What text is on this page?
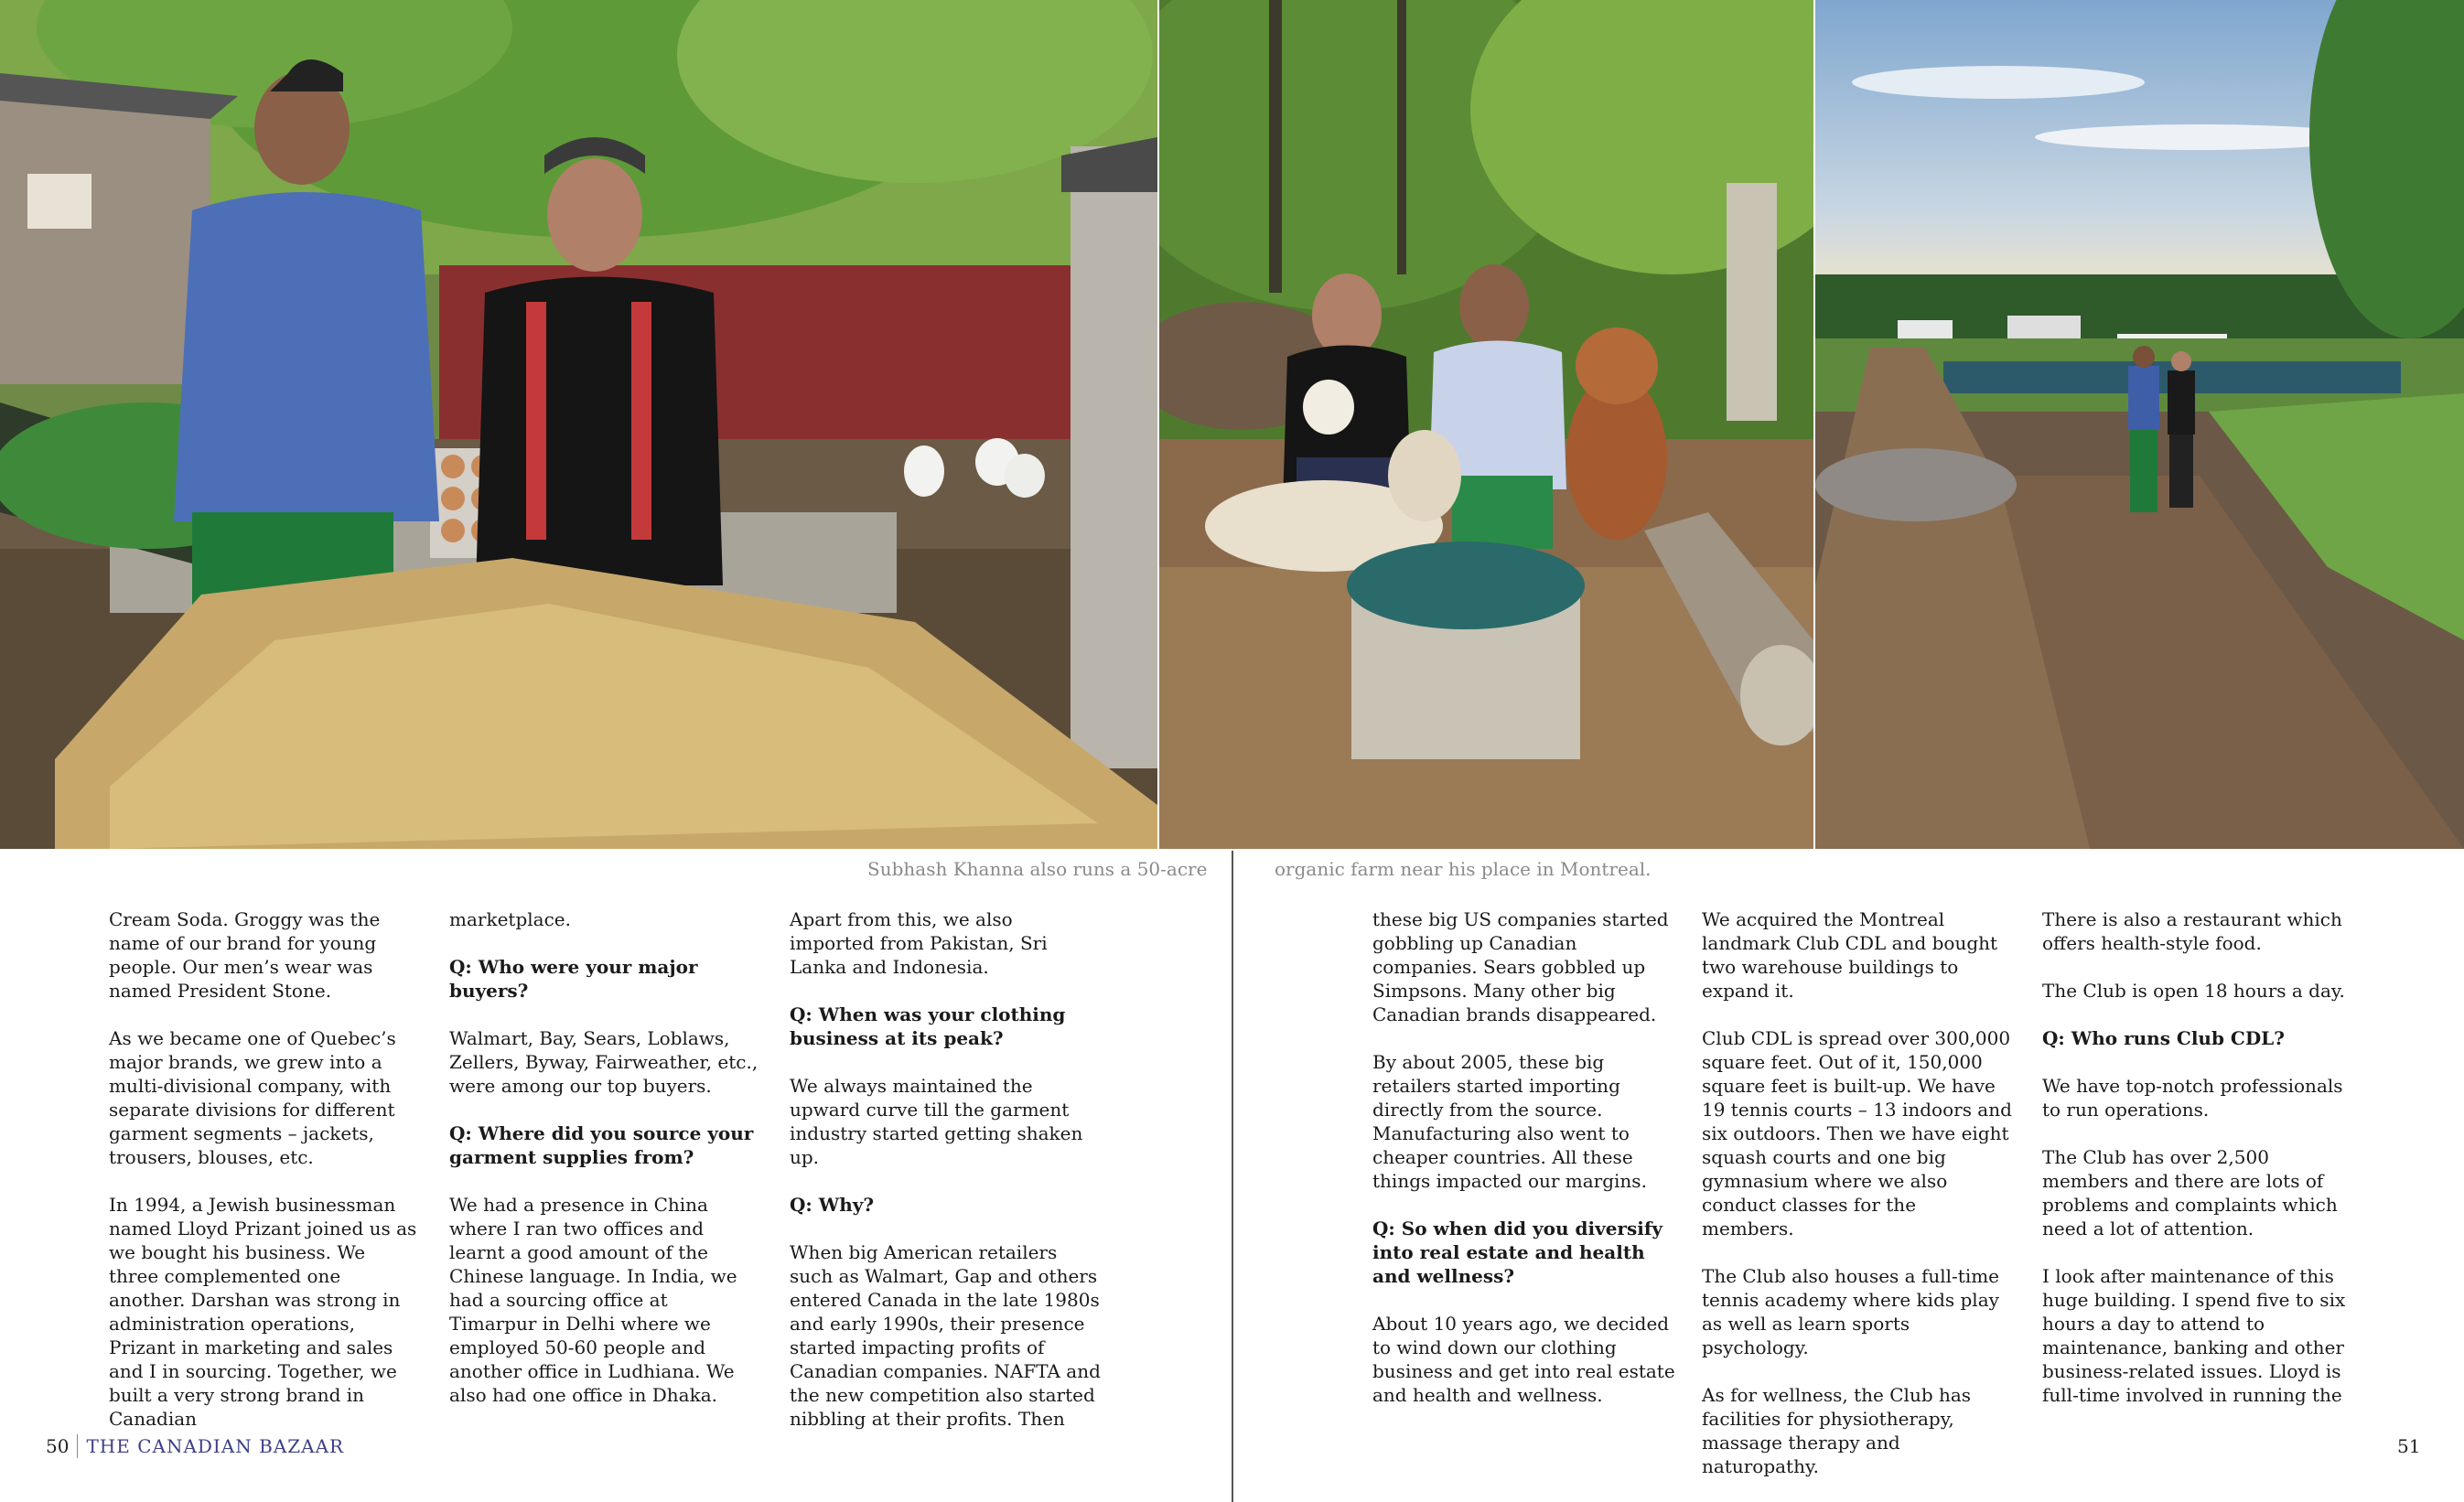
Subhash Khanna also runs a 50-acre	organic farm near his place in Montreal.

Cream Soda. Groggy was the name of our brand for young people. Our men’s wear was named President Stone.

As we became one of Quebec’s major brands, we grew into a multi-divisional company, with separate divisions for different garment segments – jackets, trousers, blouses, etc.

In 1994, a Jewish businessman named Lloyd Prizant joined us as we bought his business. We three complemented one another. Darshan was strong in administration operations, Prizant in marketing and sales and I in sourcing. Together, we built a very strong brand in Canadian

marketplace.

Q: Who were your major buyers?

Walmart, Bay, Sears, Loblaws, Zellers, Byway, Fairweather, etc., were among our top buyers.

Q: Where did you source your garment supplies from?

We had a presence in China where I ran two offices and learnt a good amount of the Chinese language. In India, we had a sourcing office at Timarpur in Delhi where we employed 50-60 people and another office in Ludhiana. We also had one office in Dhaka.

Apart from this, we also imported from Pakistan, Sri Lanka and Indonesia.

Q: When was your clothing business at its peak?

We always maintained the upward curve till the garment industry started getting shaken up.

Q: Why?

When big American retailers such as Walmart, Gap and others entered Canada in the late 1980s and early 1990s, their presence started impacting profits of Canadian companies. NAFTA and the new competition also started nibbling at their profits. Then

these big US companies started gobbling up Canadian companies. Sears gobbled up Simpsons. Many other big Canadian brands disappeared.

By about 2005, these big retailers started importing directly from the source. Manufacturing also went to cheaper countries. All these things impacted our margins.

Q: So when did you diversify into real estate and health and wellness?

About 10 years ago, we decided to wind down our clothing business and get into real estate and health and wellness.

We acquired the Montreal landmark Club CDL and bought two warehouse buildings to expand it.

Club CDL is spread over 300,000 square feet. Out of it, 150,000 square feet is built-up. We have 19 tennis courts – 13 indoors and six outdoors. Then we have eight squash courts and one big gymnasium where we also conduct classes for the members.

The Club also houses a full-time tennis academy where kids play as well as learn sports psychology.

As for wellness, the Club has facilities for physiotherapy, massage therapy and naturopathy.

There is also a restaurant which offers health-style food.

The Club is open 18 hours a day.

Q: Who runs Club CDL?

We have top-notch professionals to run operations.

The Club has over 2,500 members and there are lots of problems and complaints which need a lot of attention.

I look after maintenance of this huge building. I spend five to six hours a day to attend to maintenance, banking and other business-related issues. Lloyd is full-time involved in running the

50 THE CANADIAN BAZAAR	51
